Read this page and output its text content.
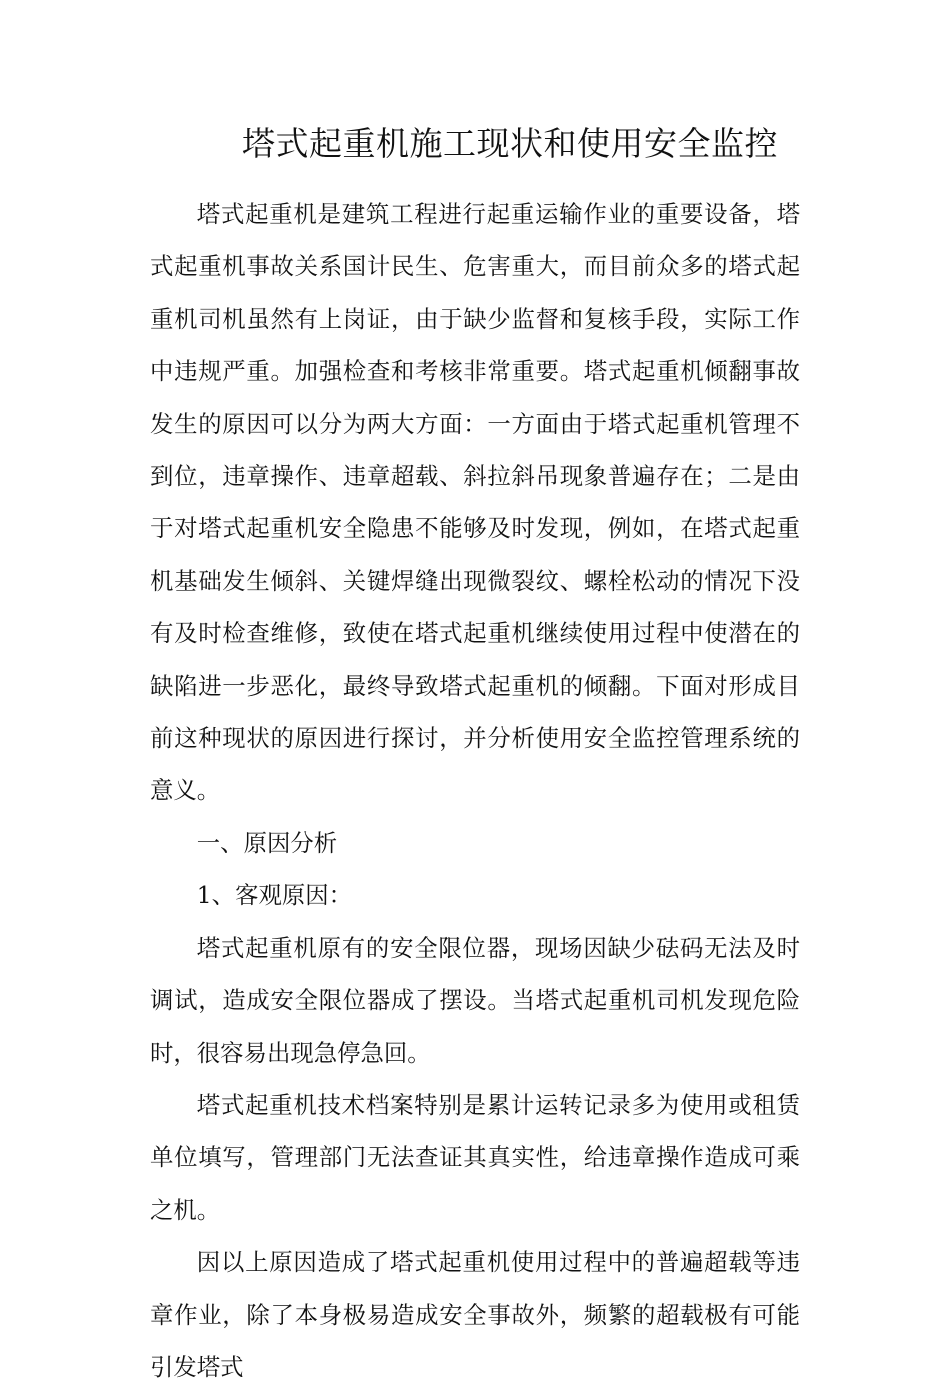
塔式起重机施工现状和使用安全监控

塔式起重机是建筑工程进行起重运输作业的重要设备，塔式起重机事故关系国计民生、危害重大，而目前众多的塔式起重机司机虽然有上岗证，由于缺少监督和复核手段，实际工作中违规严重。加强检查和考核非常重要。塔式起重机倾翻事故发生的原因可以分为两大方面：一方面由于塔式起重机管理不到位，违章操作、违章超载、斜拉斜吊现象普遍存在；二是由于对塔式起重机安全隐患不能够及时发现，例如，在塔式起重机基础发生倾斜、关键焊缝出现微裂纹、螺栓松动的情况下没有及时检查维修，致使在塔式起重机继续使用过程中使潜在的缺陷进一步恶化，最终导致塔式起重机的倾翻。下面对形成目前这种现状的原因进行探讨，并分析使用安全监控管理系统的意义。

一、原因分析

1、客观原因：

塔式起重机原有的安全限位器，现场因缺少砝码无法及时调试，造成安全限位器成了摆设。当塔式起重机司机发现危险时，很容易出现急停急回。

塔式起重机技术档案特别是累计运转记录多为使用或租赁单位填写，管理部门无法查证其真实性，给违章操作造成可乘之机。

因以上原因造成了塔式起重机使用过程中的普遍超载等违章作业，除了本身极易造成安全事故外，频繁的超载极有可能引发塔式
